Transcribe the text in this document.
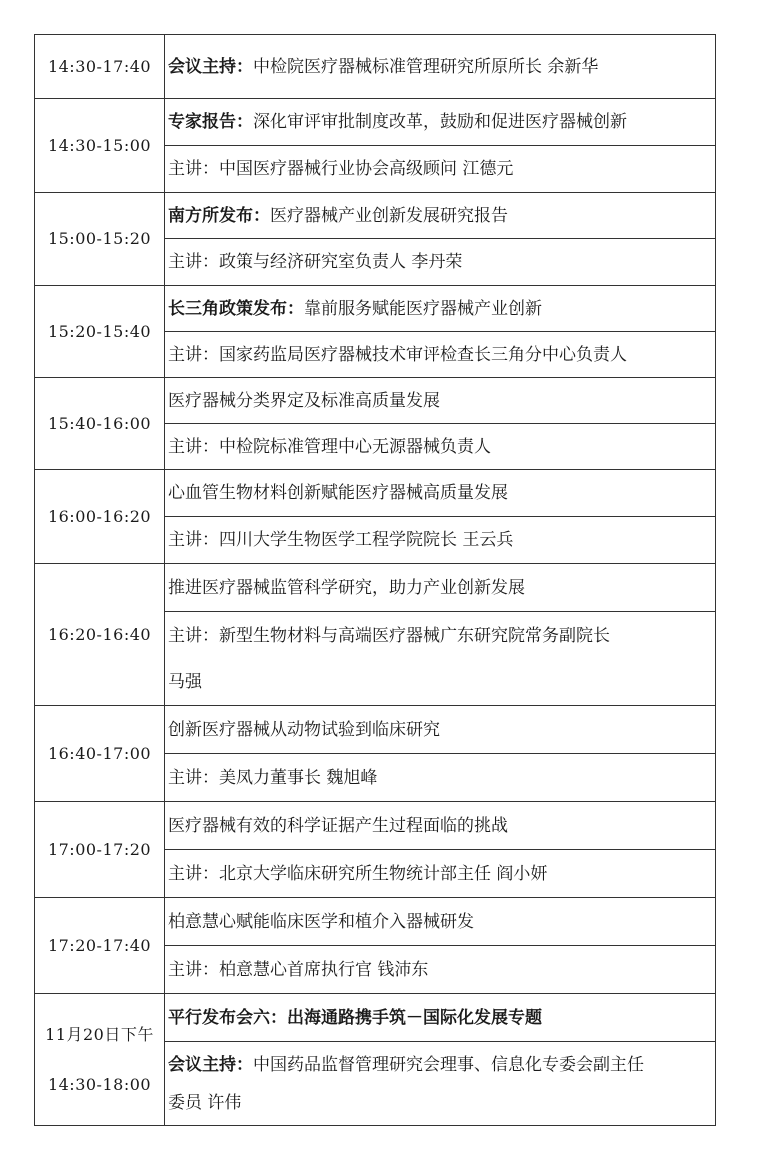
14:30-17:40	会议主持：中检院医疗器械标准管理研究所原所长 余新华

14:30-15:00	专家报告：深化审评审批制度改革，鼓励和促进医疗器械创新

	主讲：中国医疗器械行业协会高级顾问 江德元

15:00-15:20	南方所发布：医疗器械产业创新发展研究报告

	主讲：政策与经济研究室负责人 李丹荣

15:20-15:40	长三角政策发布：靠前服务赋能医疗器械产业创新

	主讲：国家药监局医疗器械技术审评检查长三角分中心负责人

15:40-16:00	医疗器械分类界定及标准高质量发展

	主讲：中检院标准管理中心无源器械负责人

16:00-16:20	心血管生物材料创新赋能医疗器械高质量发展

	主讲：四川大学生物医学工程学院院长 王云兵

16:20-16:40	推进医疗器械监管科学研究，助力产业创新发展

	主讲：新型生物材料与高端医疗器械广东研究院常务副院长
马强

16:40-17:00	创新医疗器械从动物试验到临床研究

	主讲：美凤力董事长 魏旭峰

17:00-17:20	医疗器械有效的科学证据产生过程面临的挑战

	主讲：北京大学临床研究所生物统计部主任 阎小妍

17:20-17:40	柏意慧心赋能临床医学和植介入器械研发

	主讲：柏意慧心首席执行官 钱沛东

11月20日下午
14:30-18:00	平行发布会六：出海通路携手筑－国际化发展专题

	会议主持：中国药品监督管理研究会理事、信息化专委会副主任
委员 许伟
